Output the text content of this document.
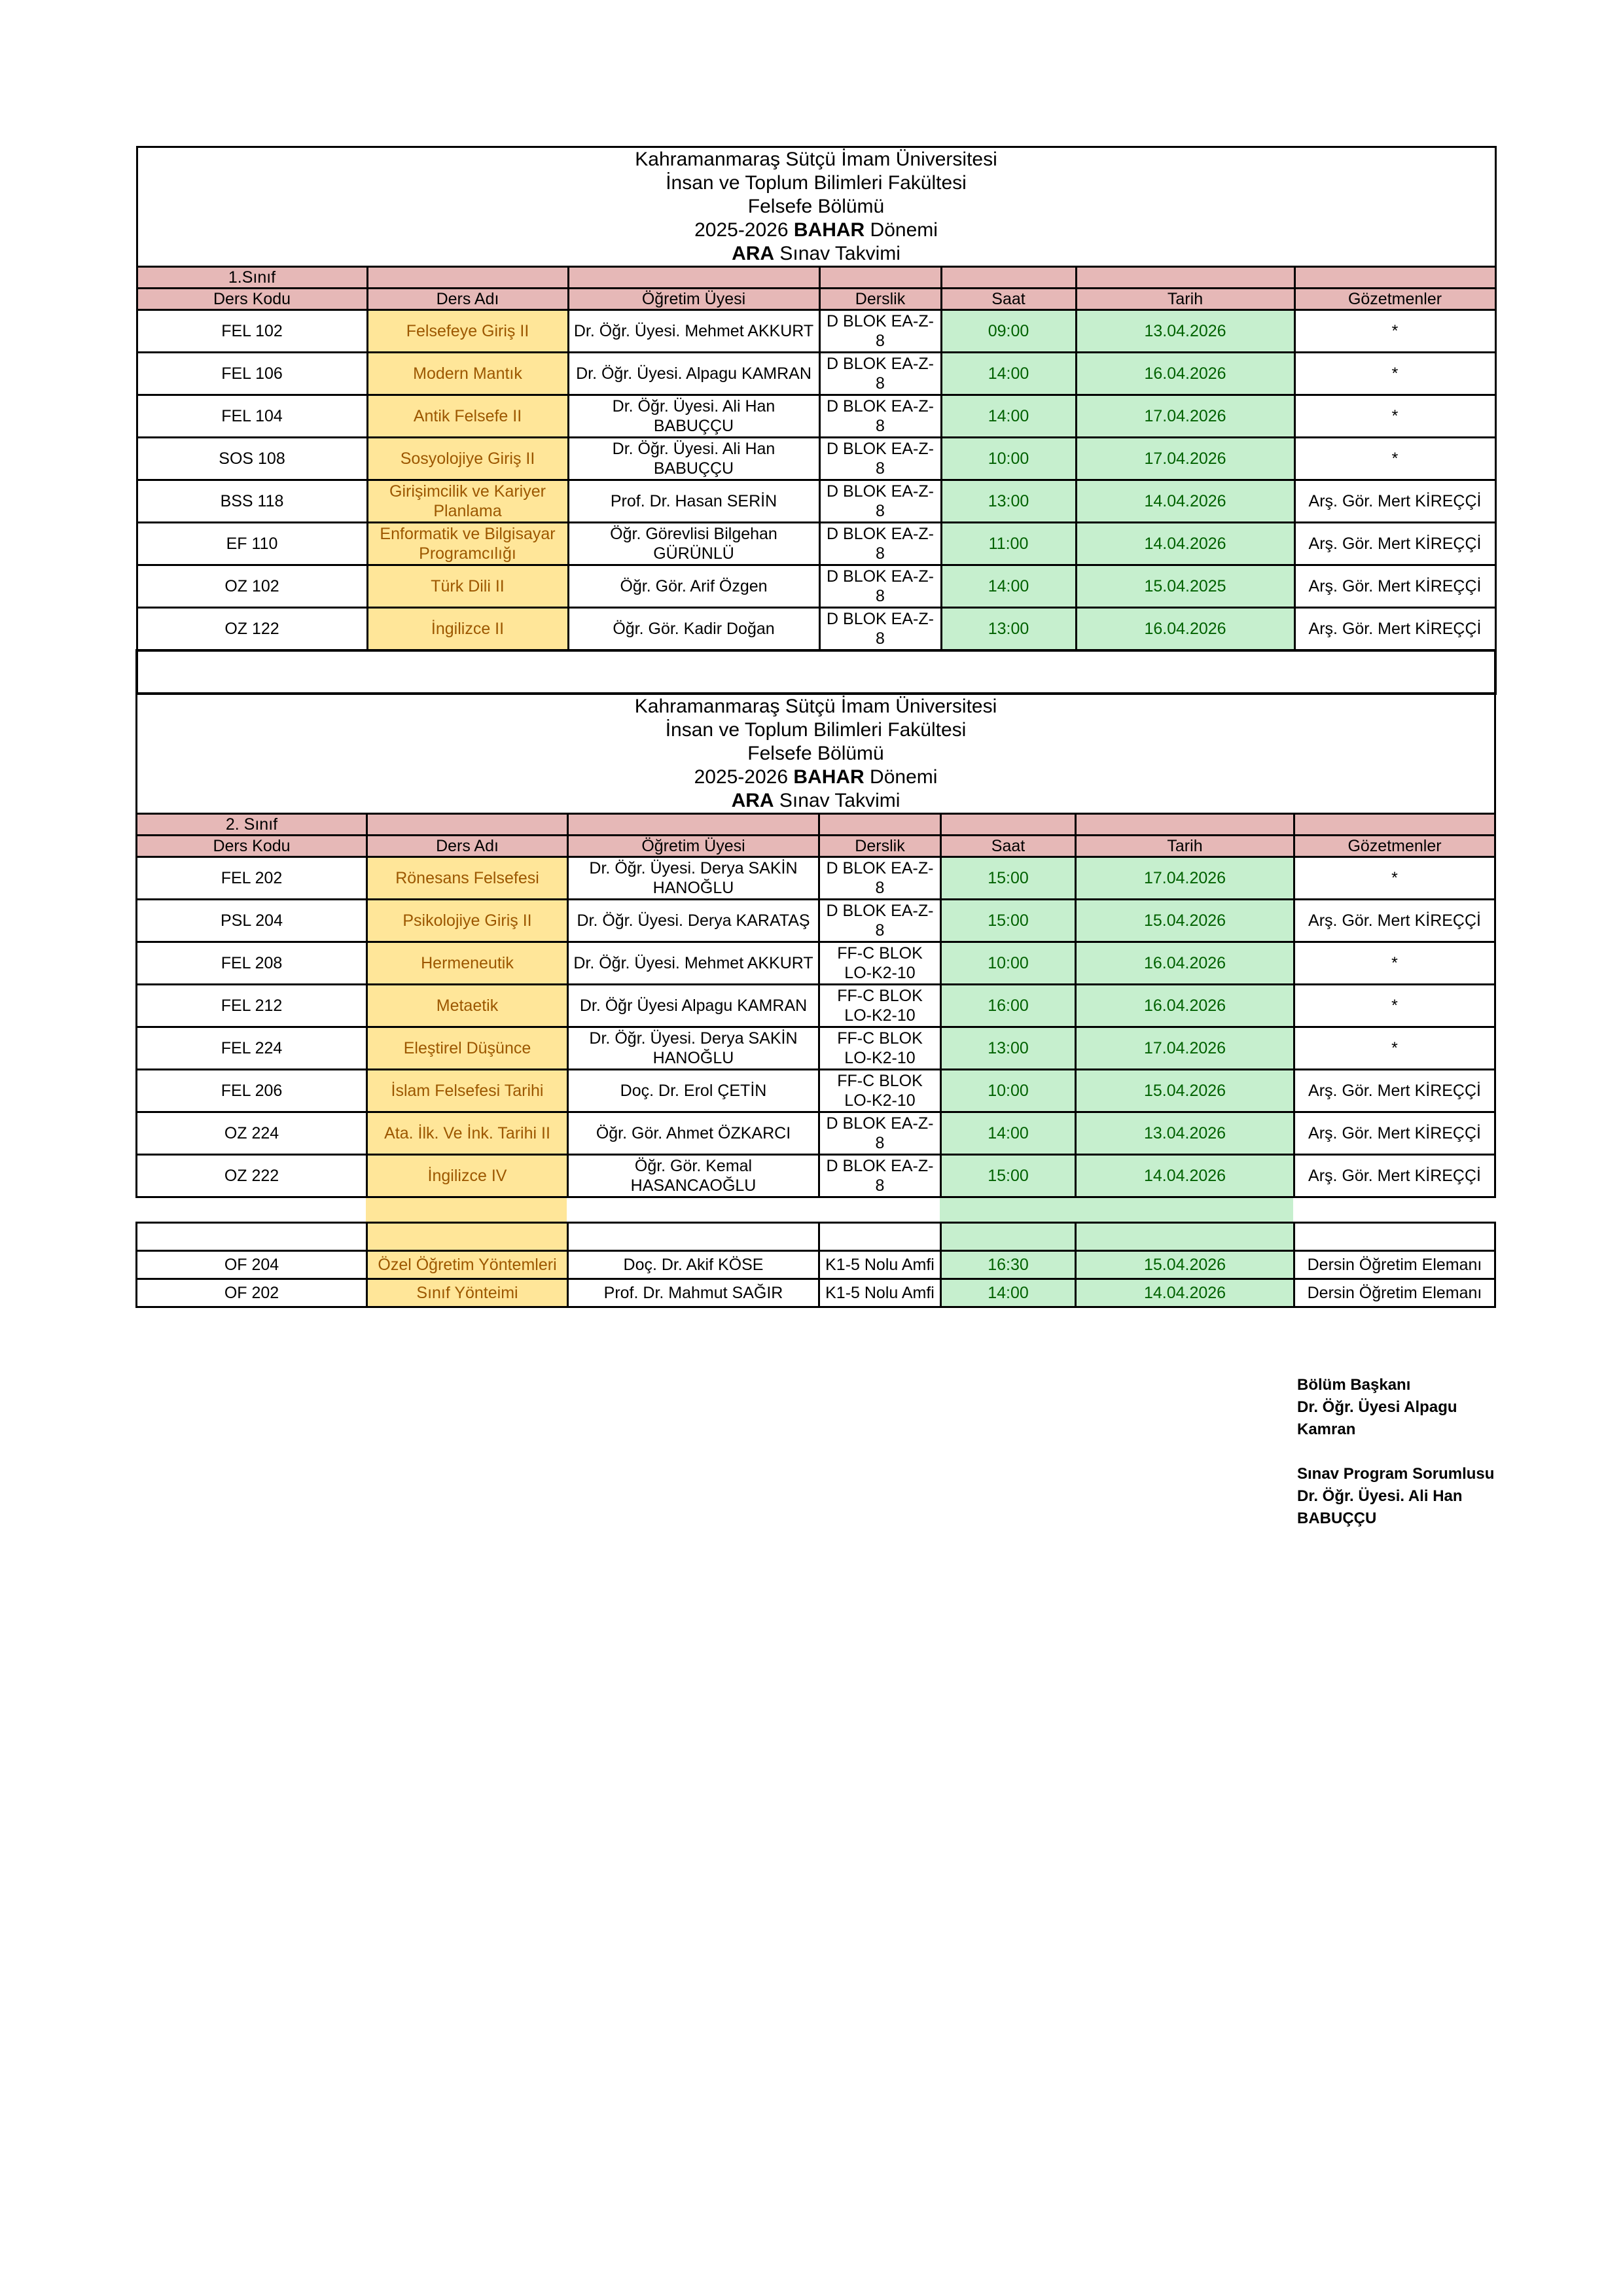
Kahramanmaraş Sütçü İmam Üniversitesi
İnsan ve Toplum Bilimleri Fakültesi
Felsefe Bölümü
2025-2026 BAHAR Dönemi
ARA Sınav Takvimi						

1.Sınıf						
Ders Kodu	Ders Adı	Öğretim Üyesi	Derslik	Saat	Tarih	Gözetmenler
FEL 102	Felsefeye Giriş II	Dr. Öğr. Üyesi. Mehmet AKKURT	D BLOK EA-Z-8	09:00	13.04.2026	*
FEL 106	Modern Mantık	Dr. Öğr. Üyesi. Alpagu KAMRAN	D BLOK EA-Z-8	14:00	16.04.2026	*
FEL 104	Antik Felsefe II	Dr. Öğr. Üyesi. Ali Han BABUÇÇU	D BLOK EA-Z-8	14:00	17.04.2026	*
SOS 108	Sosyolojiye Giriş II	Dr. Öğr. Üyesi. Ali Han BABUÇÇU	D BLOK EA-Z-8	10:00	17.04.2026	*
BSS 118	Girişimcilik ve Kariyer Planlama	Prof. Dr. Hasan SERİN	D BLOK EA-Z-8	13:00	14.04.2026	Arş. Gör. Mert KİREÇÇİ
EF 110	Enformatik ve Bilgisayar Programcılığı	Öğr. Görevlisi Bilgehan GÜRÜNLÜ	D BLOK EA-Z-8	11:00	14.04.2026	Arş. Gör. Mert KİREÇÇİ
OZ 102	Türk Dili II	Öğr. Gör. Arif Özgen	D BLOK EA-Z-8	14:00	15.04.2025	Arş. Gör. Mert KİREÇÇİ
OZ 122	İngilizce II	Öğr. Gör. Kadir Doğan	D BLOK EA-Z-8	13:00	16.04.2026	Arş. Gör. Mert KİREÇÇİ

Kahramanmaraş Sütçü İmam Üniversitesi
İnsan ve Toplum Bilimleri Fakültesi
Felsefe Bölümü
2025-2026 BAHAR Dönemi
ARA Sınav Takvimi						

2. Sınıf						
Ders Kodu	Ders Adı	Öğretim Üyesi	Derslik	Saat	Tarih	Gözetmenler
FEL 202	Rönesans Felsefesi	Dr. Öğr. Üyesi. Derya SAKİN HANOĞLU	D BLOK EA-Z-8	15:00	17.04.2026	*
PSL 204	Psikolojiye Giriş II	Dr. Öğr. Üyesi. Derya KARATAŞ	D BLOK EA-Z-8	15:00	15.04.2026	Arş. Gör. Mert KİREÇÇİ
FEL 208	Hermeneutik	Dr. Öğr. Üyesi. Mehmet AKKURT	FF-C BLOK LO-K2-10	10:00	16.04.2026	*
FEL 212	Metaetik	Dr. Öğr Üyesi Alpagu KAMRAN	FF-C BLOK LO-K2-10	16:00	16.04.2026	*
FEL 224	Eleştirel Düşünce	Dr. Öğr. Üyesi. Derya SAKİN HANOĞLU	FF-C BLOK LO-K2-10	13:00	17.04.2026	*
FEL 206	İslam Felsefesi Tarihi	Doç. Dr. Erol ÇETİN	FF-C BLOK LO-K2-10	10:00	15.04.2026	Arş. Gör. Mert KİREÇÇİ
OZ 224	Ata. İlk. Ve İnk. Tarihi II	Öğr. Gör. Ahmet ÖZKARCI	D BLOK EA-Z-8	14:00	13.04.2026	Arş. Gör. Mert KİREÇÇİ
OZ 222	İngilizce IV	Öğr. Gör. Kemal HASANCAOĞLU	D BLOK EA-Z-8	15:00	14.04.2026	Arş. Gör. Mert KİREÇÇİ

OF 204	Özel Öğretim Yöntemleri	Doç. Dr. Akif KÖSE	K1-5 Nolu Amfi	16:30	15.04.2026	Dersin Öğretim Elemanı
OF 202	Sınıf Yönteimi	Prof. Dr. Mahmut SAĞIR	K1-5 Nolu Amfi	14:00	14.04.2026	Dersin Öğretim Elemanı
Bölüm Başkanı
Dr. Öğr. Üyesi Alpagu
Kamran
Sınav Program Sorumlusu
Dr. Öğr. Üyesi. Ali Han
BABUÇÇU
